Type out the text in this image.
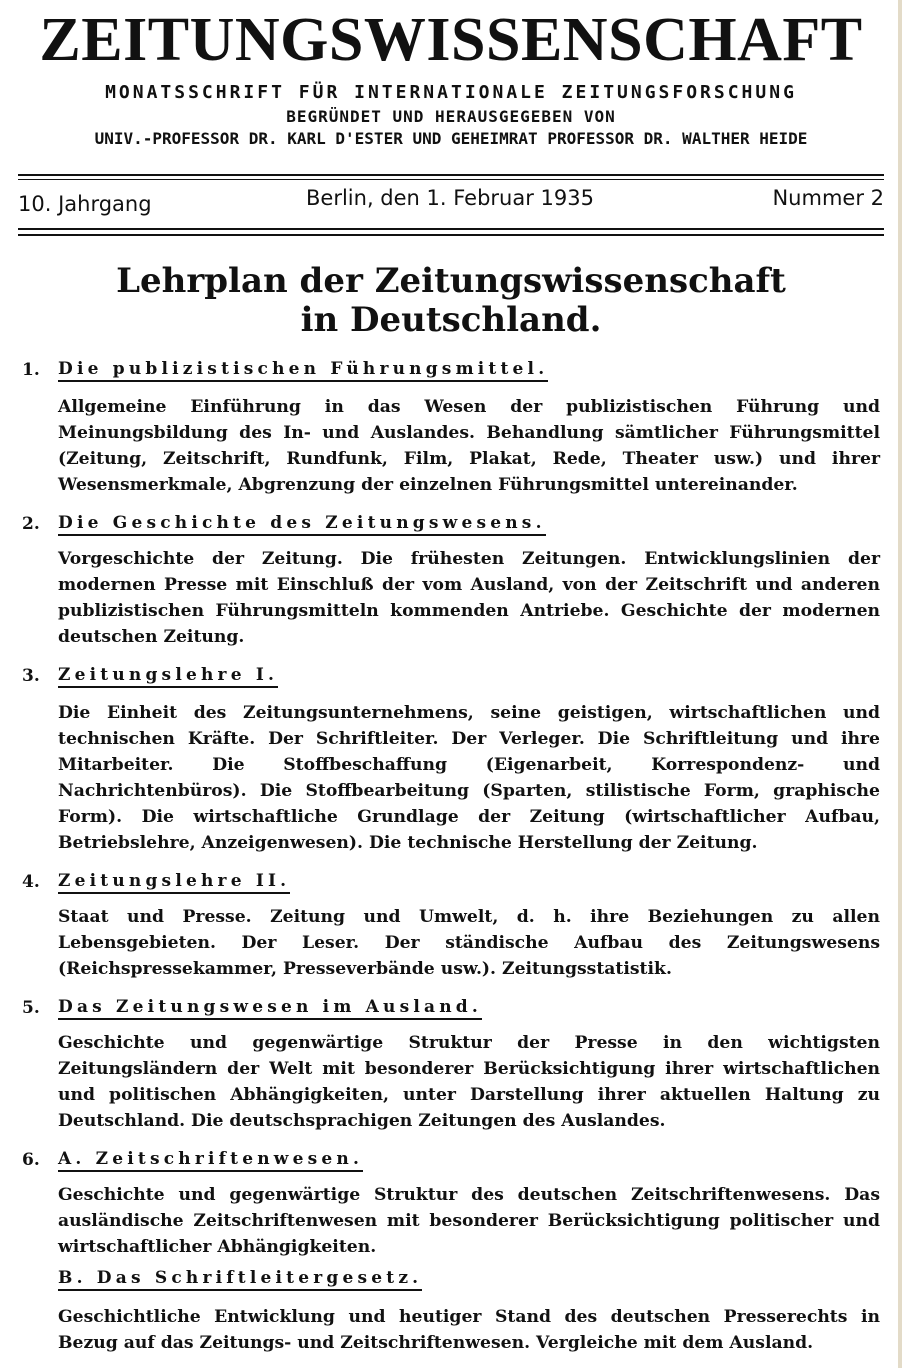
ZEITUNGSWISSENSCHAFT
MONATSSCHRIFT FÜR INTERNATIONALE ZEITUNGSFORSCHUNG
BEGRÜNDET UND HERAUSGEGEBEN VON
UNIV.-PROFESSOR DR. KARL D'ESTER UND GEHEIMRAT PROFESSOR DR. WALTHER HEIDE
10. Jahrgang	Berlin, den 1. Februar 1935	Nummer 2
Lehrplan der Zeitungswissenschaft
in Deutschland.
1. Die publizistischen Führungsmittel.

Allgemeine Einführung in das Wesen der publizistischen Führung und Meinungsbildung des In- und Auslandes. Behandlung sämtlicher Führungsmittel (Zeitung, Zeitschrift, Rundfunk, Film, Plakat, Rede, Theater usw.) und ihrer Wesensmerkmale, Abgrenzung der einzelnen Führungsmittel untereinander.

2. Die Geschichte des Zeitungswesens.

Vorgeschichte der Zeitung. Die frühesten Zeitungen. Entwicklungslinien der modernen Presse mit Einschluß der vom Ausland, von der Zeitschrift und anderen publizistischen Führungsmitteln kommenden Antriebe. Geschichte der modernen deutschen Zeitung.

3. Zeitungslehre I.

Die Einheit des Zeitungsunternehmens, seine geistigen, wirtschaftlichen und technischen Kräfte. Der Schriftleiter. Der Verleger. Die Schriftleitung und ihre Mitarbeiter. Die Stoffbeschaffung (Eigenarbeit, Korrespondenz- und Nachrichtenbüros). Die Stoffbearbeitung (Sparten, stilistische Form, graphische Form). Die wirtschaftliche Grundlage der Zeitung (wirtschaftlicher Aufbau, Betriebslehre, Anzeigenwesen). Die technische Herstellung der Zeitung.

4. Zeitungslehre II.

Staat und Presse. Zeitung und Umwelt, d. h. ihre Beziehungen zu allen Lebensgebieten. Der Leser. Der ständische Aufbau des Zeitungswesens (Reichspressekammer, Presseverbände usw.). Zeitungsstatistik.

5. Das Zeitungswesen im Ausland.

Geschichte und gegenwärtige Struktur der Presse in den wichtigsten Zeitungsländern der Welt mit besonderer Berücksichtigung ihrer wirtschaftlichen und politischen Abhängigkeiten, unter Darstellung ihrer aktuellen Haltung zu Deutschland. Die deutschsprachigen Zeitungen des Auslandes.

6. A. Zeitschriftenwesen.

Geschichte und gegenwärtige Struktur des deutschen Zeitschriftenwesens. Das ausländische Zeitschriftenwesen mit besonderer Berücksichtigung politischer und wirtschaftlicher Abhängigkeiten.

B. Das Schriftleitergesetz.

Geschichtliche Entwicklung und heutiger Stand des deutschen Presserechts in Bezug auf das Zeitungs- und Zeitschriftenwesen. Vergleiche mit dem Ausland.
